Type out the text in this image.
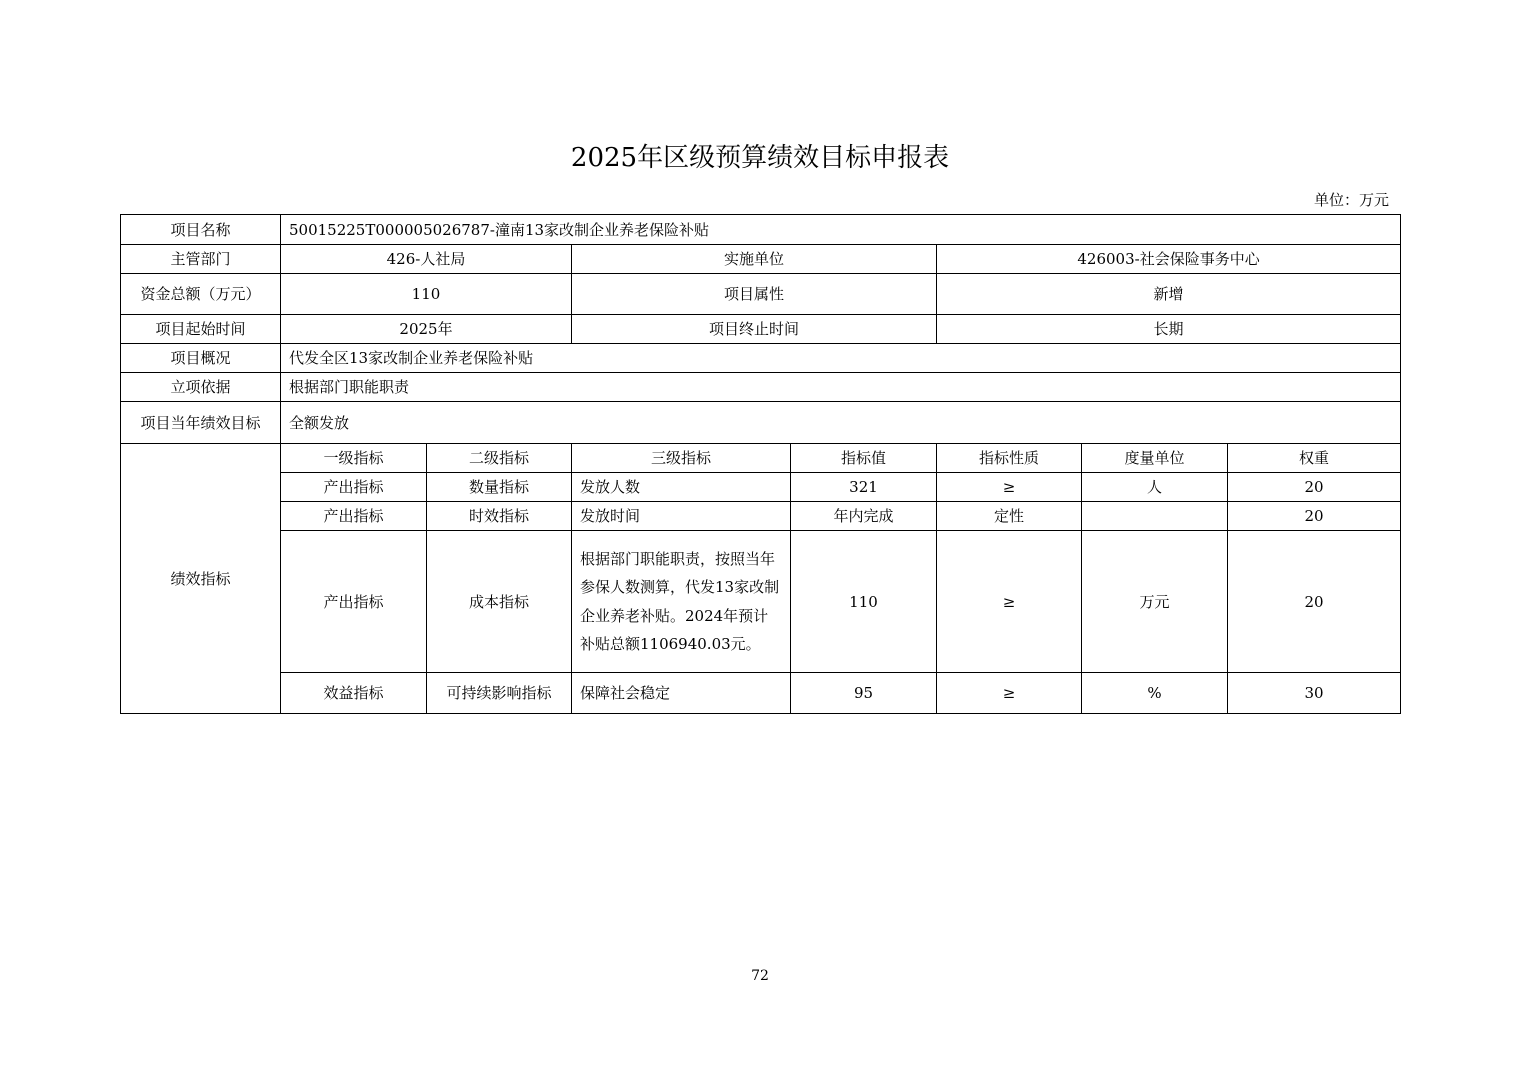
2025年区级预算绩效目标申报表
单位：万元
项目名称	50015225T000005026787-潼南13家改制企业养老保险补贴						
主管部门	426-人社局		实施单位		426003-社会保险事务中心		
资金总额（万元）	110		项目属性		新增		
项目起始时间	2025年		项目终止时间		长期		
项目概况	代发全区13家改制企业养老保险补贴						
立项依据	根据部门职能职责						
项目当年绩效目标	全额发放						
绩效指标	一级指标	二级指标	三级指标	指标值	指标性质	度量单位	权重
	产出指标	数量指标	发放人数	321	≥	人	20
	产出指标	时效指标	发放时间	年内完成	定性		20
	产出指标	成本指标	根据部门职能职责，按照当年参保人数测算，代发13家改制企业养老补贴。2024年预计补贴总额1106940.03元。	110	≥	万元	20
	效益指标	可持续影响指标	保障社会稳定	95	≥	%	30
72
